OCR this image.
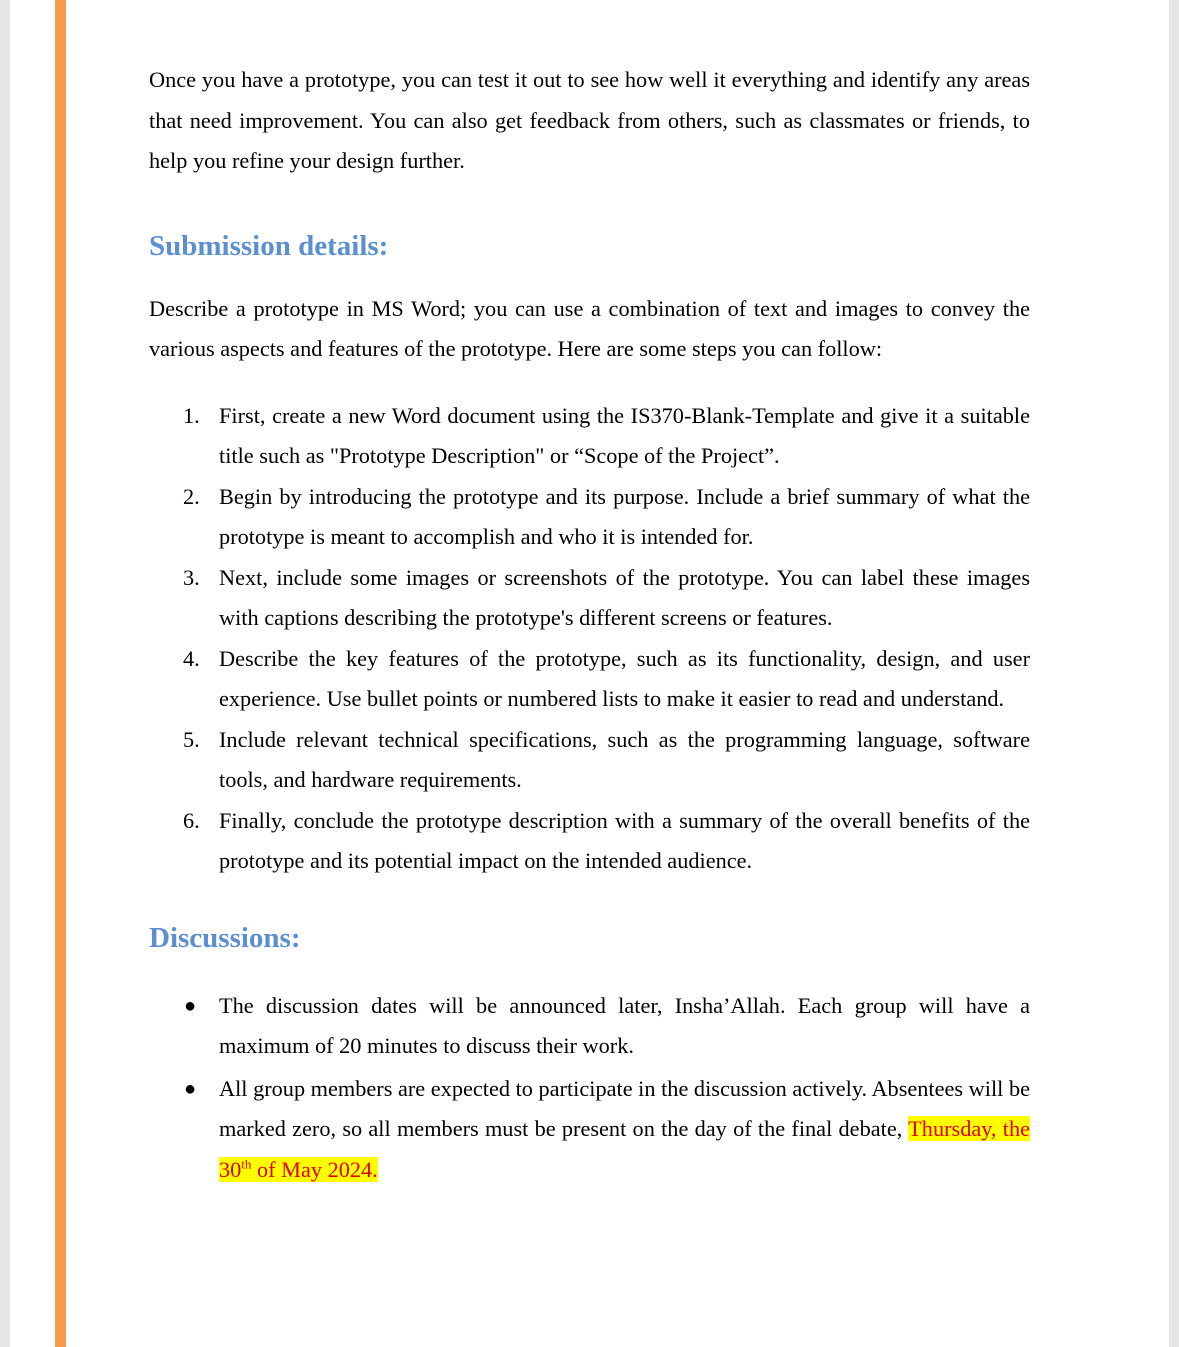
Once you have a prototype, you can test it out to see how well it everything and identify any areas that need improvement. You can also get feedback from others, such as classmates or friends, to help you refine your design further.

Submission details:

Describe a prototype in MS Word; you can use a combination of text and images to convey the various aspects and features of the prototype. Here are some steps you can follow:

1. First, create a new Word document using the IS370-Blank-Template and give it a suitable title such as "Prototype Description" or “Scope of the Project”.
2. Begin by introducing the prototype and its purpose. Include a brief summary of what the prototype is meant to accomplish and who it is intended for.
3. Next, include some images or screenshots of the prototype. You can label these images with captions describing the prototype's different screens or features.
4. Describe the key features of the prototype, such as its functionality, design, and user experience. Use bullet points or numbered lists to make it easier to read and understand.
5. Include relevant technical specifications, such as the programming language, software tools, and hardware requirements.
6. Finally, conclude the prototype description with a summary of the overall benefits of the prototype and its potential impact on the intended audience.
Discussions:
● The discussion dates will be announced later, Insha’Allah. Each group will have a maximum of 20 minutes to discuss their work.
● All group members are expected to participate in the discussion actively. Absentees will be marked zero, so all members must be present on the day of the final debate, Thursday, the 30th of May 2024.
